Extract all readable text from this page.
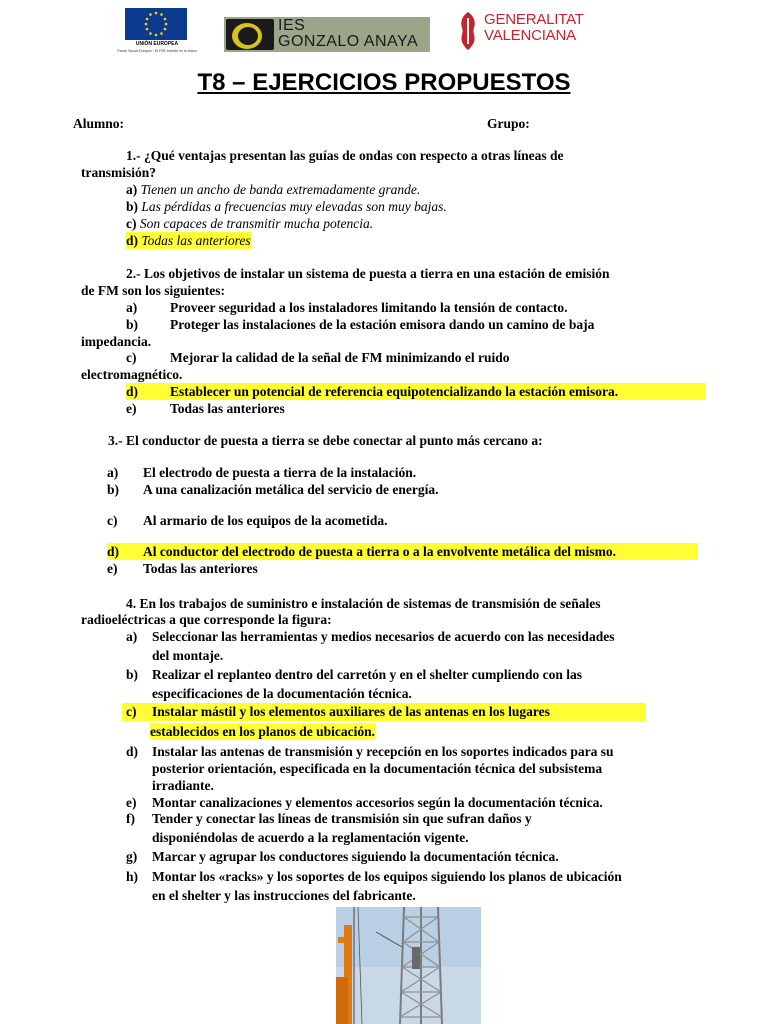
UNIÓN EUROPEA
Fondo Social Europeo · El FSE invierte en tu futuro
IES
GONZALO ANAYA
GENERALITAT
VALENCIANA
T8 – EJERCICIOS PROPUESTOS
Alumno:	Grupo:
1.- ¿Qué ventajas presentan las guías de ondas con respecto a otras líneas de
transmisión?
a) Tienen un ancho de banda extremadamente grande.
b) Las pérdidas a frecuencias muy elevadas son muy bajas.
c) Son capaces de transmitir mucha potencia.
d) Todas las anteriores
2.- Los objetivos de instalar un sistema de puesta a tierra en una estación de emisión
de FM son los siguientes:
a) Proveer seguridad a los instaladores limitando la tensión de contacto.
b) Proteger las instalaciones de la estación emisora dando un camino de baja
impedancia.
c) Mejorar la calidad de la señal de FM minimizando el ruido
electromagnético.
d) Establecer un potencial de referencia equipotencializando la estación emisora.
e) Todas las anteriores
3.- El conductor de puesta a tierra se debe conectar al punto más cercano a:
a) El electrodo de puesta a tierra de la instalación.
b) A una canalización metálica del servicio de energía.
c) Al armario de los equipos de la acometida.
d) Al conductor del electrodo de puesta a tierra o a la envolvente metálica del mismo.
e) Todas las anteriores
4. En los trabajos de suministro e instalación de sistemas de transmisión de señales
radioeléctricas a que corresponde la figura:
a) Seleccionar las herramientas y medios necesarios de acuerdo con las necesidades
del montaje.
b) Realizar el replanteo dentro del carretón y en el shelter cumpliendo con las
especificaciones de la documentación técnica.
c) Instalar mástil y los elementos auxiliares de las antenas en los lugares
establecidos en los planos de ubicación.
d) Instalar las antenas de transmisión y recepción en los soportes indicados para su
posterior orientación, especificada en la documentación técnica del subsistema
irradiante.
e) Montar canalizaciones y elementos accesorios según la documentación técnica.
f) Tender y conectar las líneas de transmisión sin que sufran daños y
disponiéndolas de acuerdo a la reglamentación vigente.
g) Marcar y agrupar los conductores siguiendo la documentación técnica.
h) Montar los «racks» y los soportes de los equipos siguiendo los planos de ubicación
en el shelter y las instrucciones del fabricante.
